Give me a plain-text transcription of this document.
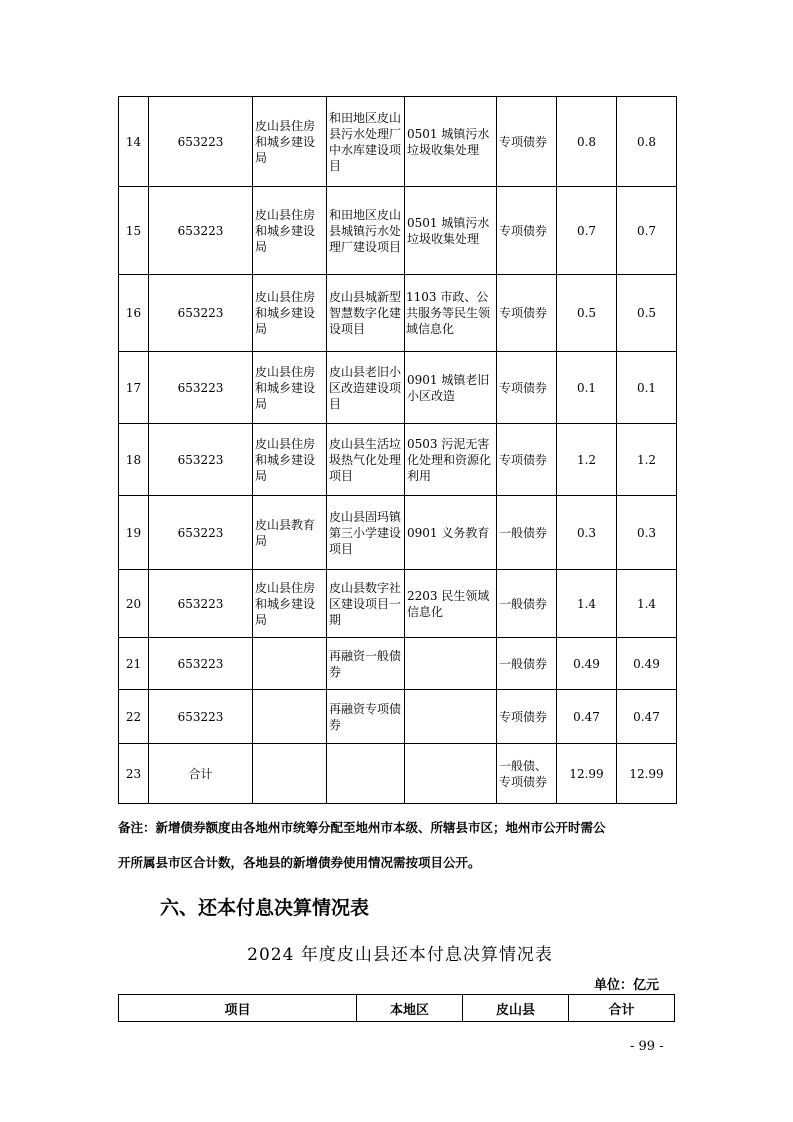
14	653223	皮山县住房和城乡建设局	和田地区皮山县污水处理厂中水库建设项目	0501 城镇污水垃圾收集处理	专项债券	0.8	0.8
15	653223	皮山县住房和城乡建设局	和田地区皮山县城镇污水处理厂建设项目	0501 城镇污水垃圾收集处理	专项债券	0.7	0.7
16	653223	皮山县住房和城乡建设局	皮山县城新型智慧数字化建设项目	1103 市政、公共服务等民生领域信息化	专项债券	0.5	0.5
17	653223	皮山县住房和城乡建设局	皮山县老旧小区改造建设项目	0901 城镇老旧小区改造	专项债券	0.1	0.1
18	653223	皮山县住房和城乡建设局	皮山县生活垃圾热气化处理项目	0503 污泥无害化处理和资源化利用	专项债券	1.2	1.2
19	653223	皮山县教育局	皮山县固玛镇第三小学建设项目	0901 义务教育	一般债券	0.3	0.3
20	653223	皮山县住房和城乡建设局	皮山县数字社区建设项目一期	2203 民生领域信息化	一般债券	1.4	1.4
21	653223		再融资一般债券		一般债券	0.49	0.49
22	653223		再融资专项债券		专项债券	0.47	0.47
23	合计				一般债、专项债券	12.99	12.99
备注：新增债券额度由各地州市统筹分配至地州市本级、所辖县市区；地州市公开时需公
开所属县市区合计数，各地县的新增债券使用情况需按项目公开。
六、还本付息决算情况表
2024 年度皮山县还本付息决算情况表
单位：亿元
项目	本地区	皮山县	合计
- 99 -
